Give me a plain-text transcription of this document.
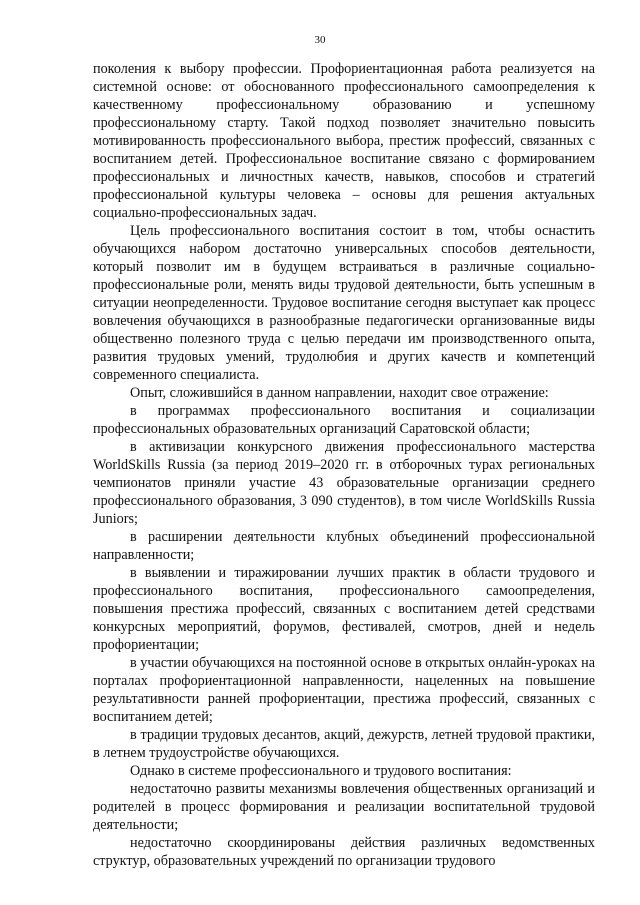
30

поколения к выбору профессии. Профориентационная работа реализуется на системной основе: от обоснованного профессионального самоопределения к качественному профессиональному образованию и успешному профессиональному старту. Такой подход позволяет значительно повысить мотивированность профессионального выбора, престиж профессий, связанных с воспитанием детей. Профессиональное воспитание связано с формированием профессиональных и личностных качеств, навыков, способов и стратегий профессиональной культуры человека – основы для решения актуальных социально-профессиональных задач.

Цель профессионального воспитания состоит в том, чтобы оснастить обучающихся набором достаточно универсальных способов деятельности, который позволит им в будущем встраиваться в различные социально-профессиональные роли, менять виды трудовой деятельности, быть успешным в ситуации неопределенности. Трудовое воспитание сегодня выступает как процесс вовлечения обучающихся в разнообразные педагогически организованные виды общественно полезного труда с целью передачи им производственного опыта, развития трудовых умений, трудолюбия и других качеств и компетенций современного специалиста.

Опыт, сложившийся в данном направлении, находит свое отражение:

в программах профессионального воспитания и социализации профессиональных образовательных организаций Саратовской области;

в активизации конкурсного движения профессионального мастерства WorldSkills Russia (за период 2019–2020 гг. в отборочных турах региональных чемпионатов приняли участие 43 образовательные организации среднего профессионального образования, 3 090 студентов), в том числе WorldSkills Russia Juniors;

в расширении деятельности клубных объединений профессиональной направленности;

в выявлении и тиражировании лучших практик в области трудового и профессионального воспитания, профессионального самоопределения, повышения престижа профессий, связанных с воспитанием детей средствами конкурсных мероприятий, форумов, фестивалей, смотров, дней и недель профориентации;

в участии обучающихся на постоянной основе в открытых онлайн-уроках на порталах профориентационной направленности, нацеленных на повышение результативности ранней профориентации, престижа профессий, связанных с воспитанием детей;

в традиции трудовых десантов, акций, дежурств, летней трудовой практики, в летнем трудоустройстве обучающихся.

Однако в системе профессионального и трудового воспитания:

недостаточно развиты механизмы вовлечения общественных организаций и родителей в процесс формирования и реализации воспитательной трудовой деятельности;

недостаточно скоординированы действия различных ведомственных структур, образовательных учреждений по организации трудового
